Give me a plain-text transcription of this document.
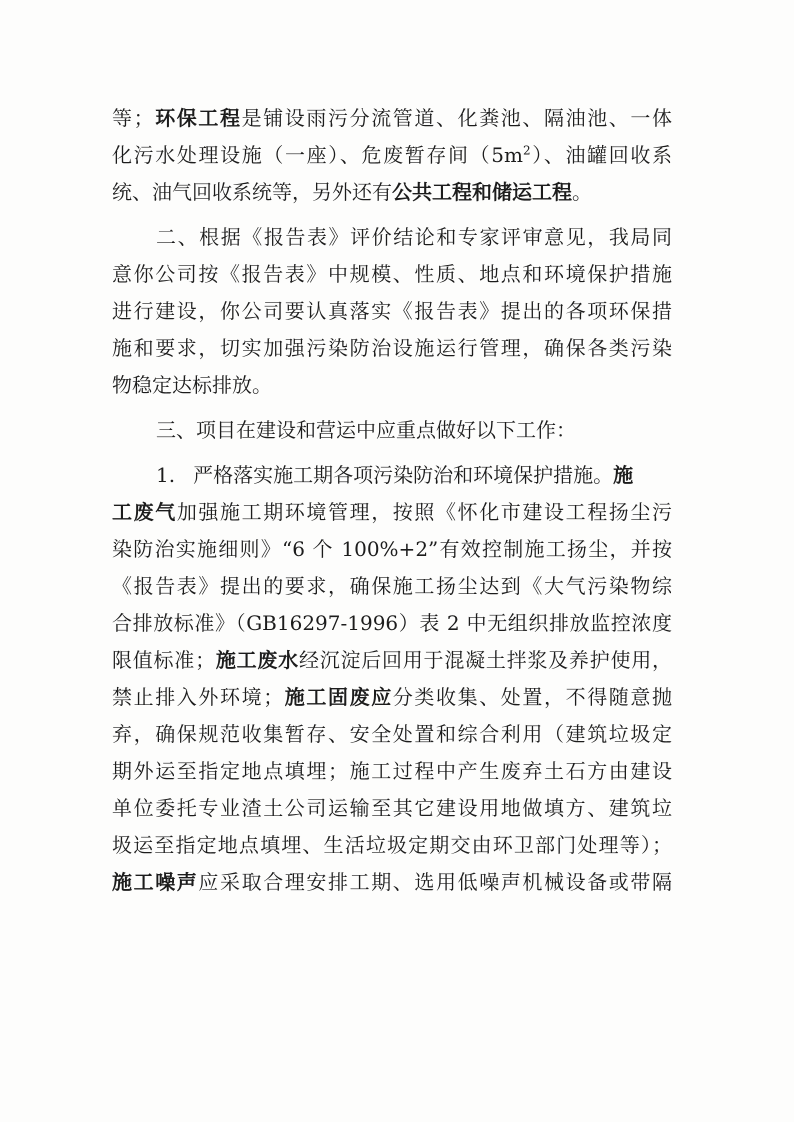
等；环保工程是铺设雨污分流管道、化粪池、隔油池、一体
化污水处理设施（一座）、危废暂存间$(5m^2)$、油罐回收系
统、油气回收系统等，另外还有公共工程和储运工程。
二、根据《报告表》评价结论和专家评审意见，我局同
意你公司按《报告表》中规模、性质、地点和环境保护措施
进行建设，你公司要认真落实《报告表》提出的各项环保措
施和要求，切实加强污染防治设施运行管理，确保各类污染
物稳定达标排放。
三、项目在建设和营运中应重点做好以下工作：
1. 严格落实施工期各项污染防治和环境保护措施。施
工废气加强施工期环境管理，按照《怀化市建设工程扬尘污
染防治实施细则》“6 个 100%+2”有效控制施工扬尘，并按
《报告表》提出的要求，确保施工扬尘达到《大气污染物综
合排放标准》（GB16297-1996）表 2 中无组织排放监控浓度
限值标准；施工废水经沉淀后回用于混凝土拌浆及养护使用，
禁止排入外环境；施工固废应分类收集、处置，不得随意抛
弃，确保规范收集暂存、安全处置和综合利用（建筑垃圾定
期外运至指定地点填埋；施工过程中产生废弃土石方由建设
单位委托专业渣土公司运输至其它建设用地做填方、建筑垃
圾运至指定地点填埋、生活垃圾定期交由环卫部门处理等）；
施工噪声应采取合理安排工期、选用低噪声机械设备或带隔
